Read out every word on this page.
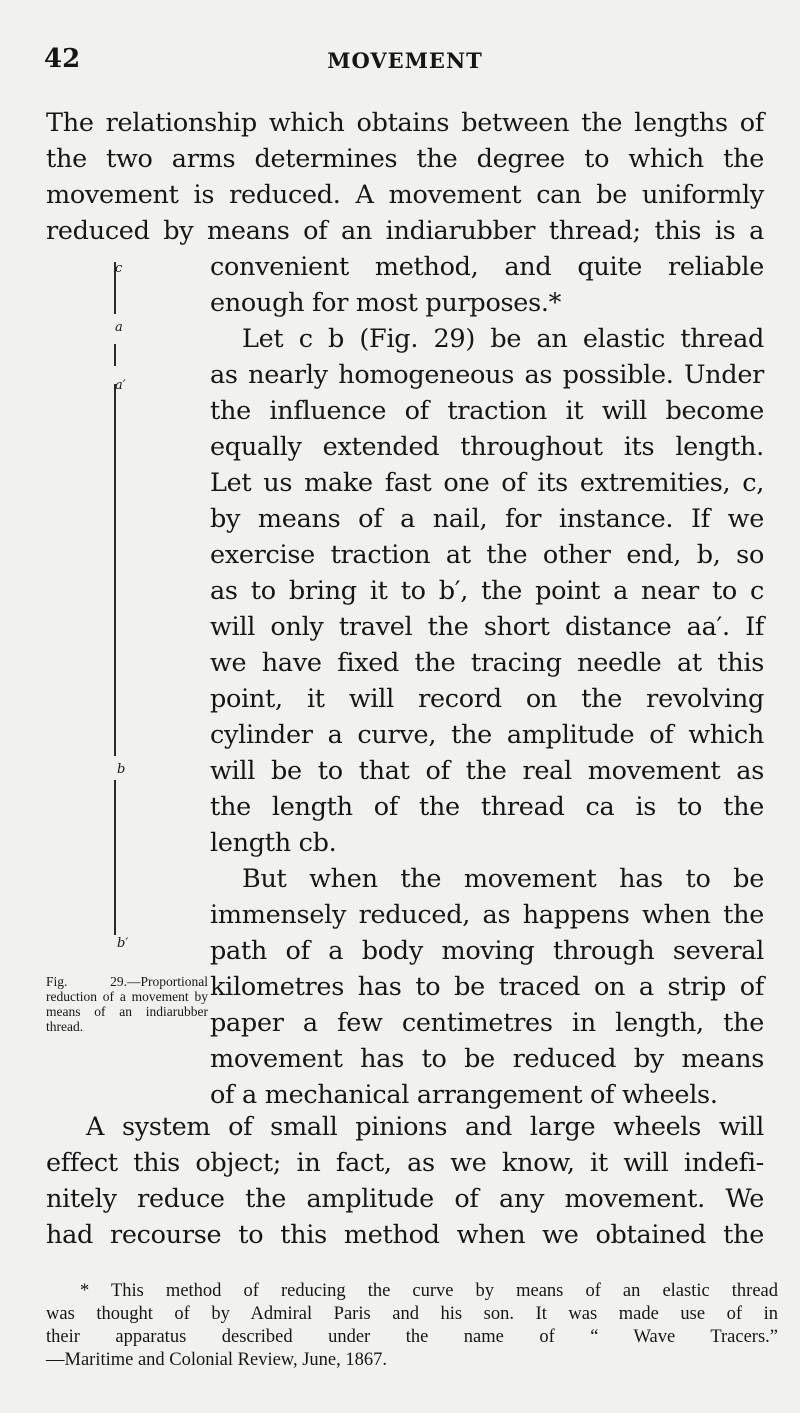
42	MOVEMENT
The relationship which obtains between the lengths of
the two arms determines the degree to which the
movement is reduced. A movement can be uniformly
reduced by means of an indiarubber thread; this is a
convenient method, and quite reliable
enough for most purposes.*
Let c b (Fig. 29) be an elastic thread
as nearly homogeneous as possible. Under
the influence of traction it will become
equally extended throughout its length.
Let us make fast one of its extremities, c,
by means of a nail, for instance. If we
exercise traction at the other end, b, so
as to bring it to b′, the point a near to c
will only travel the short distance aa′. If
we have fixed the tracing needle at this
point, it will record on the revolving
cylinder a curve, the amplitude of which
will be to that of the real movement as
the length of the thread ca is to the
length cb.
But when the movement has to be
immensely reduced, as happens when the
path of a body moving through several
kilometres has to be traced on a strip of
paper a few centimetres in length, the
movement has to be reduced by means
of a mechanical arrangement of wheels.
A system of small pinions and large wheels will
effect this object; in fact, as we know, it will indefi-
nitely reduce the amplitude of any movement. We
had recourse to this method when we obtained the
c
a
a′
b
b′
Fig. 29.—Proportional reduction of a movement by means of an indiarubber thread.
* This method of reducing the curve by means of an elastic thread
was thought of by Admiral Paris and his son. It was made use of in
their apparatus described under the name of “ Wave Tracers.”
—Maritime and Colonial Review, June, 1867.
